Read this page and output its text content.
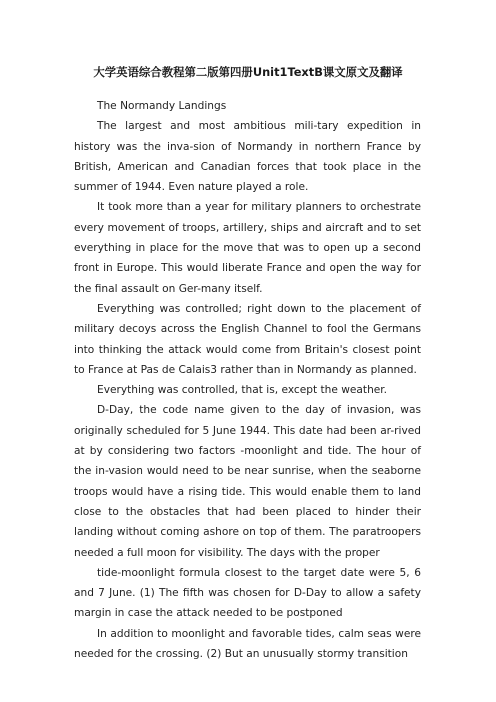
大学英语综合教程第二版第四册Unit1TextB课文原文及翻译

The Normandy Landings

The largest and most ambitious mili-tary expedition in history was the inva-sion of Normandy in northern France by British, American and Canadian forces that took place in the summer of 1944. Even nature played a role.

It took more than a year for military planners to orchestrate every movement of troops, artillery, ships and aircraft and to set everything in place for the move that was to open up a second front in Europe. This would liberate France and open the way for the final assault on Ger-many itself.

Everything was controlled; right down to the placement of military decoys across the English Channel to fool the Germans into thinking the attack would come from Britain's closest point to France at Pas de Calais3 rather than in Normandy as planned.

Everything was controlled, that is, except the weather.

D-Day, the code name given to the day of invasion, was originally scheduled for 5 June 1944. This date had been ar-rived at by considering two factors -moonlight and tide. The hour of the in-vasion would need to be near sunrise, when the seaborne troops would have a rising tide. This would enable them to land close to the obstacles that had been placed to hinder their landing without coming ashore on top of them. The paratroopers needed a full moon for visibility. The days with the proper

tide-moonlight formula closest to the target date were 5, 6 and 7 June. (1) The fifth was chosen for D-Day to allow a safety margin in case the attack needed to be postponed

In addition to moonlight and favorable tides, calm seas were needed for the crossing. (2) But an unusually stormy transition
